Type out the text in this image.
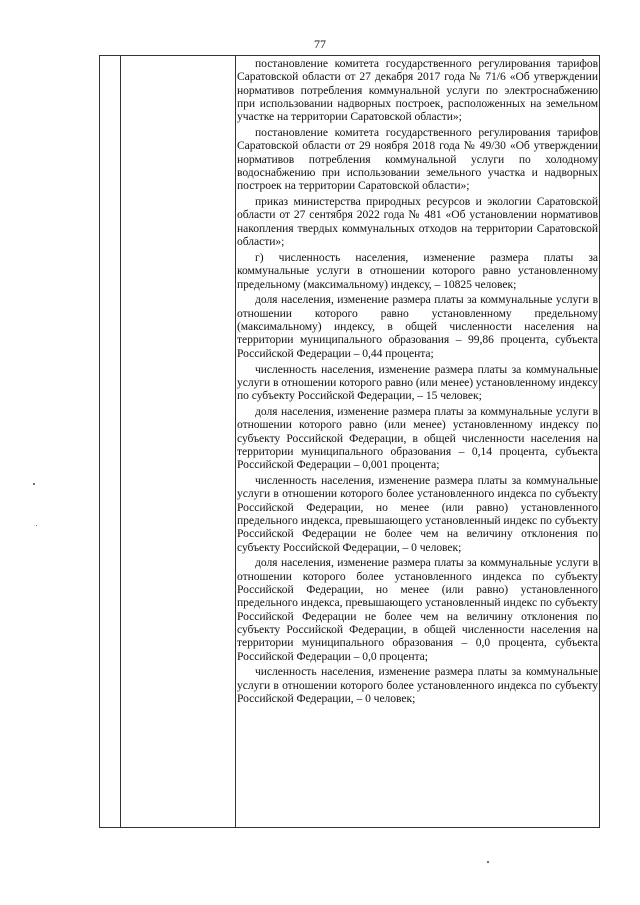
77

постановление комитета государственного регулирования тарифов Саратовской области от 27 декабря 2017 года № 71/6 «Об утверждении нормативов потребления коммунальной услуги по электроснабжению при использовании надворных построек, расположенных на земельном участке на территории Саратовской области»;

постановление комитета государственного регулирования тарифов Саратовской области от 29 ноября 2018 года № 49/30 «Об утверждении нормативов потребления коммунальной услуги по холодному водоснабжению при использовании земельного участка и надворных построек на территории Саратовской области»;

приказ министерства природных ресурсов и экологии Саратовской области от 27 сентября 2022 года № 481 «Об установлении нормативов накопления твердых коммунальных отходов на территории Саратовской области»;

г) численность населения, изменение размера платы за коммунальные услуги в отношении которого равно установленному предельному (максимальному) индексу, – 10825 человек;

доля населения, изменение размера платы за коммунальные услуги в отношении которого равно установленному предельному (максимальному) индексу, в общей численности населения на территории муниципального образования – 99,86 процента, субъекта Российской Федерации – 0,44 процента;

численность населения, изменение размера платы за коммунальные услуги в отношении которого равно (или менее) установленному индексу по субъекту Российской Федерации, – 15 человек;

доля населения, изменение размера платы за коммунальные услуги в отношении которого равно (или менее) установленному индексу по субъекту Российской Федерации, в общей численности населения на территории муниципального образования – 0,14 процента, субъекта Российской Федерации – 0,001 процента;

численность населения, изменение размера платы за коммунальные услуги в отношении которого более установленного индекса по субъекту Российской Федерации, но менее (или равно) установленного предельного индекса, превышающего установленный индекс по субъекту Российской Федерации не более чем на величину отклонения по субъекту Российской Федерации, – 0 человек;

доля населения, изменение размера платы за коммунальные услуги в отношении которого более установленного индекса по субъекту Российской Федерации, но менее (или равно) установленного предельного индекса, превышающего установленный индекс по субъекту Российской Федерации не более чем на величину отклонения по субъекту Российской Федерации, в общей численности населения на территории муниципального образования – 0,0 процента, субъекта Российской Федерации – 0,0 процента;

численность населения, изменение размера платы за коммунальные услуги в отношении которого более установленного индекса по субъекту Российской Федерации, – 0 человек;
